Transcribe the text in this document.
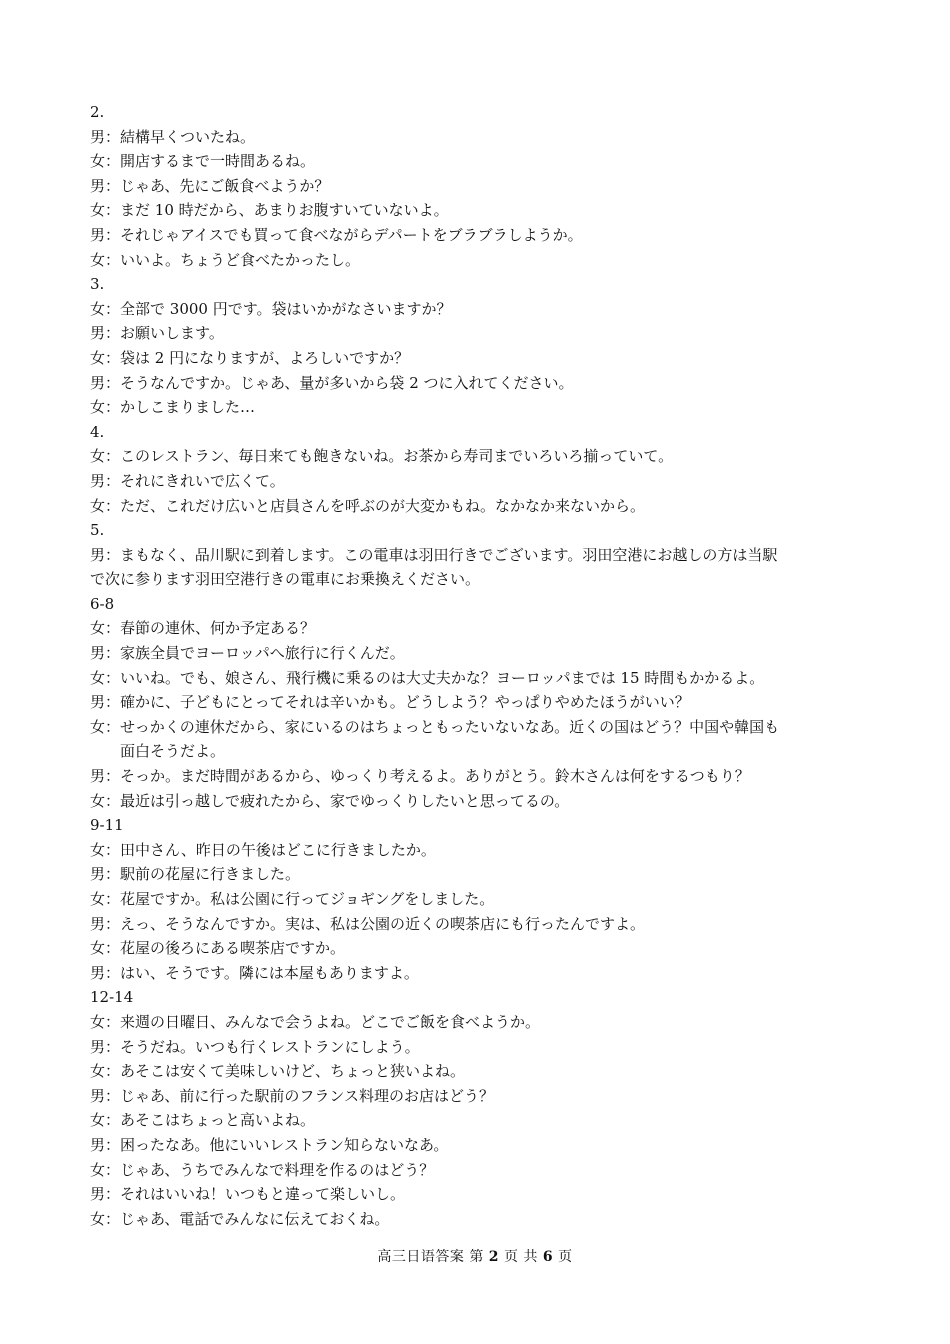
2.
男：結構早くついたね。
女：開店するまで一時間あるね。
男：じゃあ、先にご飯食べようか？
女：まだ 10 時だから、あまりお腹すいていないよ。
男：それじゃアイスでも買って食べながらデパートをブラブラしようか。
女：いいよ。ちょうど食べたかったし。
3.
女：全部で 3000 円です。袋はいかがなさいますか？
男：お願いします。
女：袋は 2 円になりますが、よろしいですか？
男：そうなんですか。じゃあ、量が多いから袋 2 つに入れてください。
女：かしこまりました…
4.
女：このレストラン、毎日来ても飽きないね。お茶から寿司までいろいろ揃っていて。
男：それにきれいで広くて。
女：ただ、これだけ広いと店員さんを呼ぶのが大変かもね。なかなか来ないから。
5.
男：まもなく、品川駅に到着します。この電車は羽田行きでございます。羽田空港にお越しの方は当駅
で次に参ります羽田空港行きの電車にお乗換えください。
6-8
女：春節の連休、何か予定ある？
男：家族全員でヨーロッパへ旅行に行くんだ。
女：いいね。でも、娘さん、飛行機に乗るのは大丈夫かな？ヨーロッパまでは 15 時間もかかるよ。
男：確かに、子どもにとってそれは辛いかも。どうしよう？やっぱりやめたほうがいい？
女：せっかくの連休だから、家にいるのはちょっともったいないなあ。近くの国はどう？中国や韓国も
面白そうだよ。
男：そっか。まだ時間があるから、ゆっくり考えるよ。ありがとう。鈴木さんは何をするつもり？
女：最近は引っ越しで疲れたから、家でゆっくりしたいと思ってるの。
9-11
女：田中さん、昨日の午後はどこに行きましたか。
男：駅前の花屋に行きました。
女：花屋ですか。私は公園に行ってジョギングをしました。
男：えっ、そうなんですか。実は、私は公園の近くの喫茶店にも行ったんですよ。
女：花屋の後ろにある喫茶店ですか。
男：はい、そうです。隣には本屋もありますよ。
12-14
女：来週の日曜日、みんなで会うよね。どこでご飯を食べようか。
男：そうだね。いつも行くレストランにしよう。
女：あそこは安くて美味しいけど、ちょっと狭いよね。
男：じゃあ、前に行った駅前のフランス料理のお店はどう？
女：あそこはちょっと高いよね。
男：困ったなあ。他にいいレストラン知らないなあ。
女：じゃあ、うちでみんなで料理を作るのはどう？
男：それはいいね！いつもと違って楽しいし。
女：じゃあ、電話でみんなに伝えておくね。
高三日语答案 第 2 页 共 6 页
